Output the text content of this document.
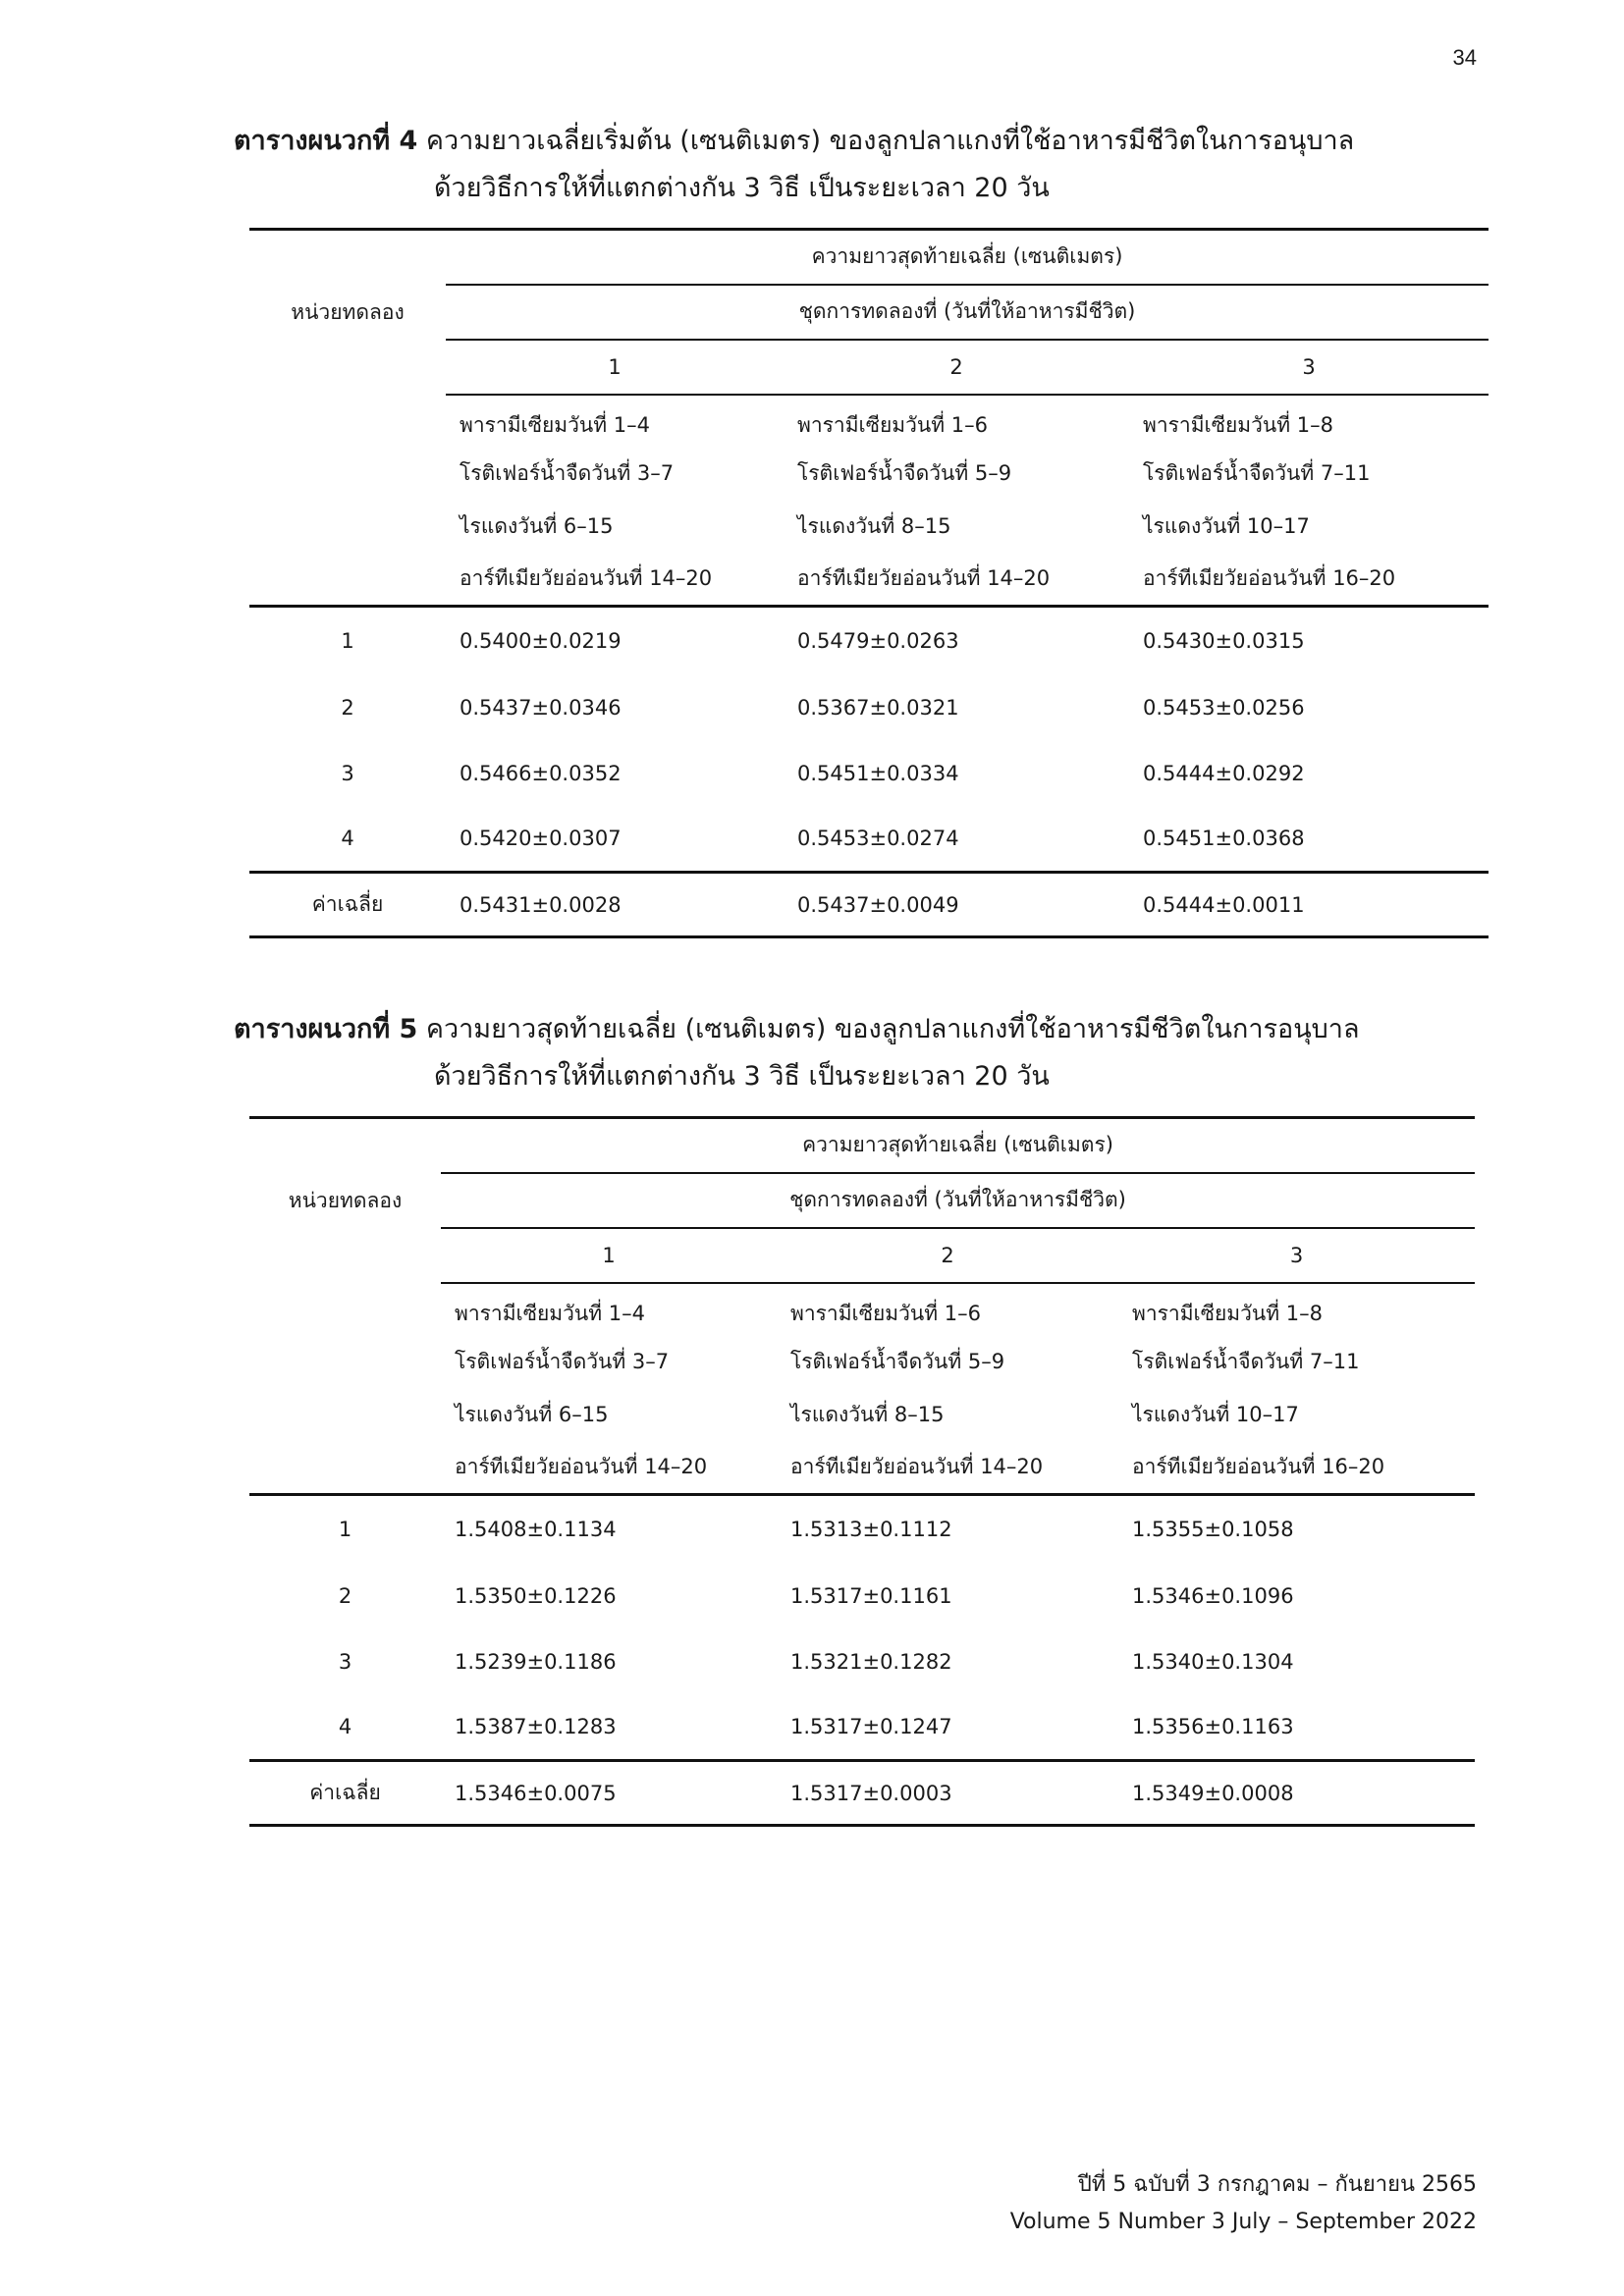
34
ตารางผนวกที่ 4 ความยาวเฉลี่ยเริ่มต้น (เซนติเมตร) ของลูกปลาแกงที่ใช้อาหารมีชีวิตในการอนุบาล
ด้วยวิธีการให้ที่แตกต่างกัน 3 วิธี เป็นระยะเวลา 20 วัน
หน่วยทดลอง	ความยาวสุดท้ายเฉลี่ย (เซนติเมตร)		
	ชุดการทดลองที่ (วันที่ให้อาหารมีชีวิต)		
	1	2	3
	พารามีเซียมวันที่ 1–4	พารามีเซียมวันที่ 1–6	พารามีเซียมวันที่ 1–8
	โรติเฟอร์น้ำจืดวันที่ 3–7	โรติเฟอร์น้ำจืดวันที่ 5–9	โรติเฟอร์น้ำจืดวันที่ 7–11
	ไรแดงวันที่ 6–15	ไรแดงวันที่ 8–15	ไรแดงวันที่ 10–17
	อาร์ทีเมียวัยอ่อนวันที่ 14–20	อาร์ทีเมียวัยอ่อนวันที่ 14–20	อาร์ทีเมียวัยอ่อนวันที่ 16–20
1	0.5400±0.0219	0.5479±0.0263	0.5430±0.0315
2	0.5437±0.0346	0.5367±0.0321	0.5453±0.0256
3	0.5466±0.0352	0.5451±0.0334	0.5444±0.0292
4	0.5420±0.0307	0.5453±0.0274	0.5451±0.0368
ค่าเฉลี่ย	0.5431±0.0028	0.5437±0.0049	0.5444±0.0011
ตารางผนวกที่ 5 ความยาวสุดท้ายเฉลี่ย (เซนติเมตร) ของลูกปลาแกงที่ใช้อาหารมีชีวิตในการอนุบาล
ด้วยวิธีการให้ที่แตกต่างกัน 3 วิธี เป็นระยะเวลา 20 วัน
หน่วยทดลอง	ความยาวสุดท้ายเฉลี่ย (เซนติเมตร)		
	ชุดการทดลองที่ (วันที่ให้อาหารมีชีวิต)		
	1	2	3
	พารามีเซียมวันที่ 1–4	พารามีเซียมวันที่ 1–6	พารามีเซียมวันที่ 1–8
	โรติเฟอร์น้ำจืดวันที่ 3–7	โรติเฟอร์น้ำจืดวันที่ 5–9	โรติเฟอร์น้ำจืดวันที่ 7–11
	ไรแดงวันที่ 6–15	ไรแดงวันที่ 8–15	ไรแดงวันที่ 10–17
	อาร์ทีเมียวัยอ่อนวันที่ 14–20	อาร์ทีเมียวัยอ่อนวันที่ 14–20	อาร์ทีเมียวัยอ่อนวันที่ 16–20
1	1.5408±0.1134	1.5313±0.1112	1.5355±0.1058
2	1.5350±0.1226	1.5317±0.1161	1.5346±0.1096
3	1.5239±0.1186	1.5321±0.1282	1.5340±0.1304
4	1.5387±0.1283	1.5317±0.1247	1.5356±0.1163
ค่าเฉลี่ย	1.5346±0.0075	1.5317±0.0003	1.5349±0.0008
ปีที่ 5 ฉบับที่ 3 กรกฎาคม – กันยายน 2565
Volume 5 Number 3 July – September 2022
